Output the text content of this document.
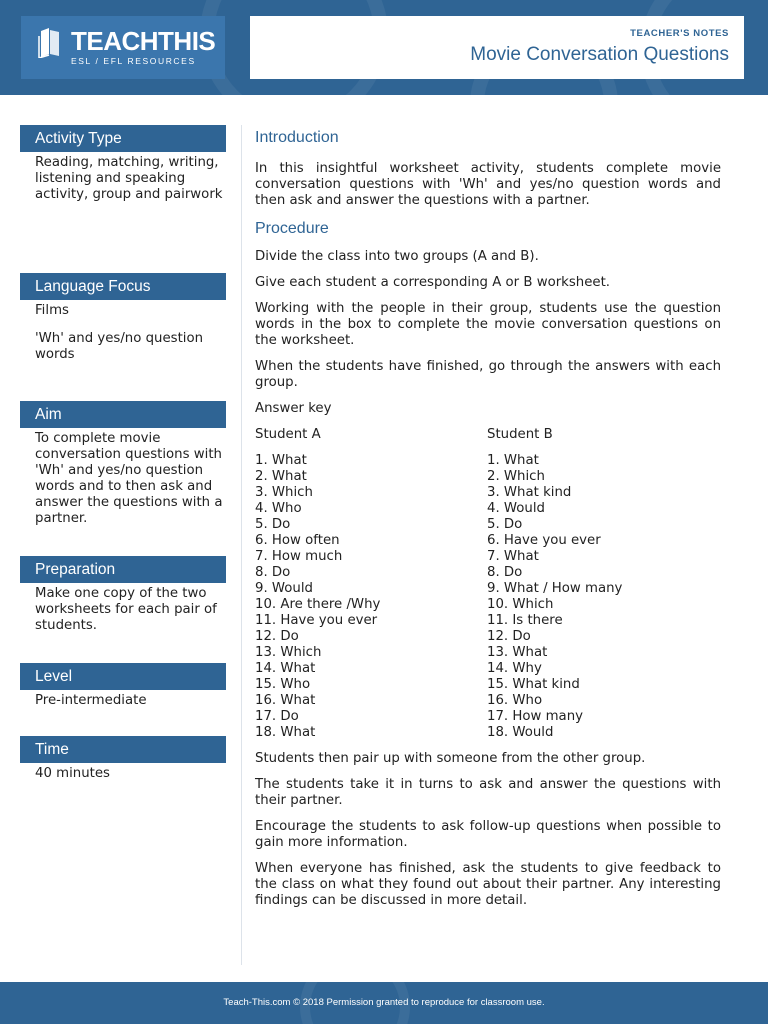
TEACHTHIS
ESL / EFL RESOURCES
TEACHER'S NOTES
Movie Conversation Questions
Activity Type

Reading, matching, writing, listening and speaking activity, group and pairwork

Language Focus

Films

'Wh' and yes/no question words

Aim

To complete movie conversation questions with 'Wh' and yes/no question words and to then ask and answer the questions with a partner.

Preparation

Make one copy of the two worksheets for each pair of students.

Level

Pre-intermediate

Time

40 minutes

Introduction

In this insightful worksheet activity, students complete movie conversation questions with 'Wh' and yes/no question words and then ask and answer the questions with a partner.

Procedure

Divide the class into two groups (A and B).

Give each student a corresponding A or B worksheet.

Working with the people in their group, students use the question words in the box to complete the movie conversation questions on the worksheet.

When the students have finished, go through the answers with each group.

Answer key

Student A
1. What
2. What
3. Which
4. Who
5. Do
6. How often
7. How much
8. Do
9. Would
10. Are there /Why
11. Have you ever
12. Do
13. Which
14. What
15. Who
16. What
17. Do
18. What
Student B
1. What
2. Which
3. What kind
4. Would
5. Do
6. Have you ever
7. What
8. Do
9. What / How many
10. Which
11. Is there
12. Do
13. What
14. Why
15. What kind
16. Who
17. How many
18. Would

Students then pair up with someone from the other group.

The students take it in turns to ask and answer the questions with their partner.

Encourage the students to ask follow-up questions when possible to gain more information.

When everyone has finished, ask the students to give feedback to the class on what they found out about their partner. Any interesting findings can be discussed in more detail.

Teach-This.com © 2018 Permission granted to reproduce for classroom use.
